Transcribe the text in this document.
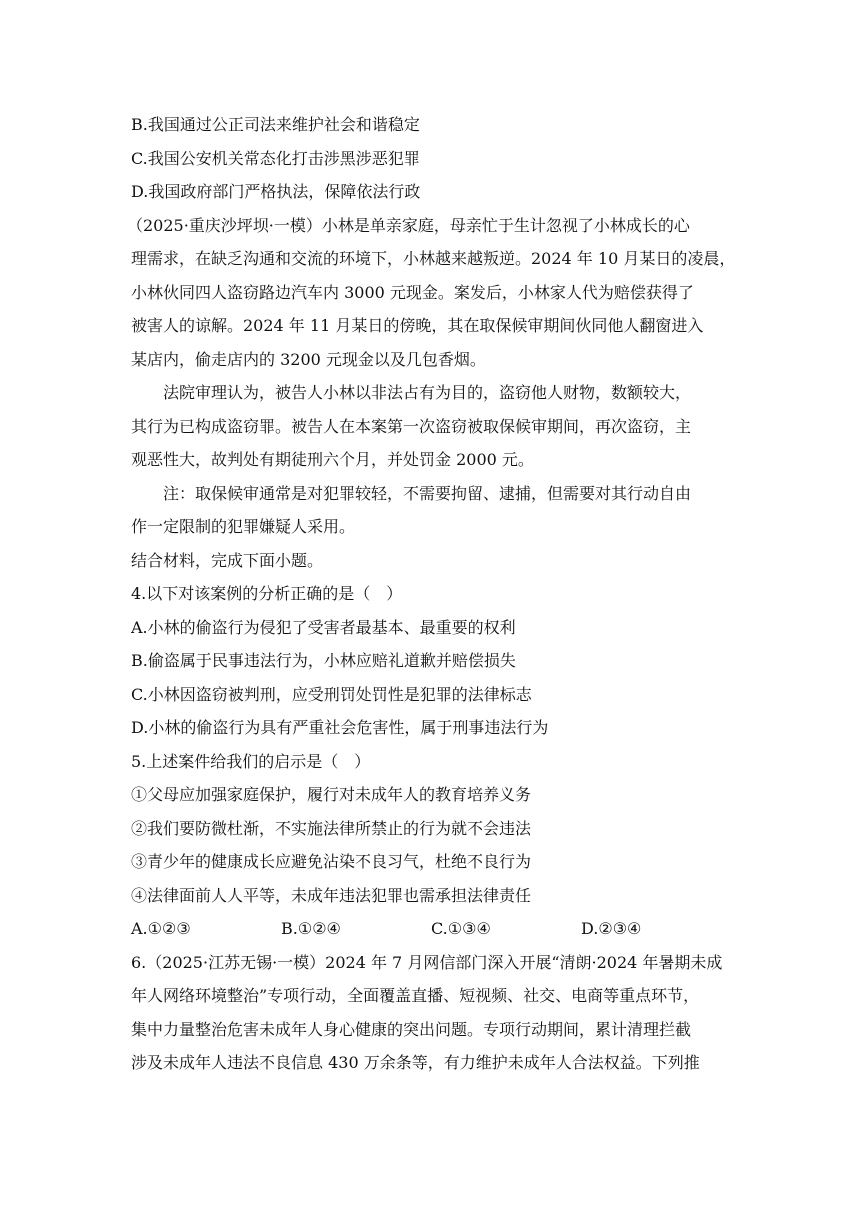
B.我国通过公正司法来维护社会和谐稳定
C.我国公安机关常态化打击涉黑涉恶犯罪
D.我国政府部门严格执法，保障依法行政
（2025·重庆沙坪坝·一模）小林是单亲家庭，母亲忙于生计忽视了小林成长的心
理需求，在缺乏沟通和交流的环境下，小林越来越叛逆。2024 年 10 月某日的凌晨，
小林伙同四人盗窃路边汽车内 3000 元现金。案发后，小林家人代为赔偿获得了
被害人的谅解。2024 年 11 月某日的傍晚，其在取保候审期间伙同他人翻窗进入
某店内，偷走店内的 3200 元现金以及几包香烟。
法院审理认为，被告人小林以非法占有为目的，盗窃他人财物，数额较大，
其行为已构成盗窃罪。被告人在本案第一次盗窃被取保候审期间，再次盗窃，主
观恶性大，故判处有期徒刑六个月，并处罚金 2000 元。
注：取保候审通常是对犯罪较轻，不需要拘留、逮捕，但需要对其行动自由
作一定限制的犯罪嫌疑人采用。
结合材料，完成下面小题。
4.以下对该案例的分析正确的是（　）
A.小林的偷盗行为侵犯了受害者最基本、最重要的权利
B.偷盗属于民事违法行为，小林应赔礼道歉并赔偿损失
C.小林因盗窃被判刑，应受刑罚处罚性是犯罪的法律标志
D.小林的偷盗行为具有严重社会危害性，属于刑事违法行为
5.上述案件给我们的启示是（　）
①父母应加强家庭保护，履行对未成年人的教育培养义务
②我们要防微杜渐，不实施法律所禁止的行为就不会违法
③青少年的健康成长应避免沾染不良习气，杜绝不良行为
④法律面前人人平等，未成年违法犯罪也需承担法律责任
A.①②③	B.①②④	C.①③④	D.②③④
6.（2025·江苏无锡·一模）2024 年 7 月网信部门深入开展“清朗·2024 年暑期未成
年人网络环境整治”专项行动，全面覆盖直播、短视频、社交、电商等重点环节，
集中力量整治危害未成年人身心健康的突出问题。专项行动期间，累计清理拦截
涉及未成年人违法不良信息 430 万余条等，有力维护未成年人合法权益。下列推
